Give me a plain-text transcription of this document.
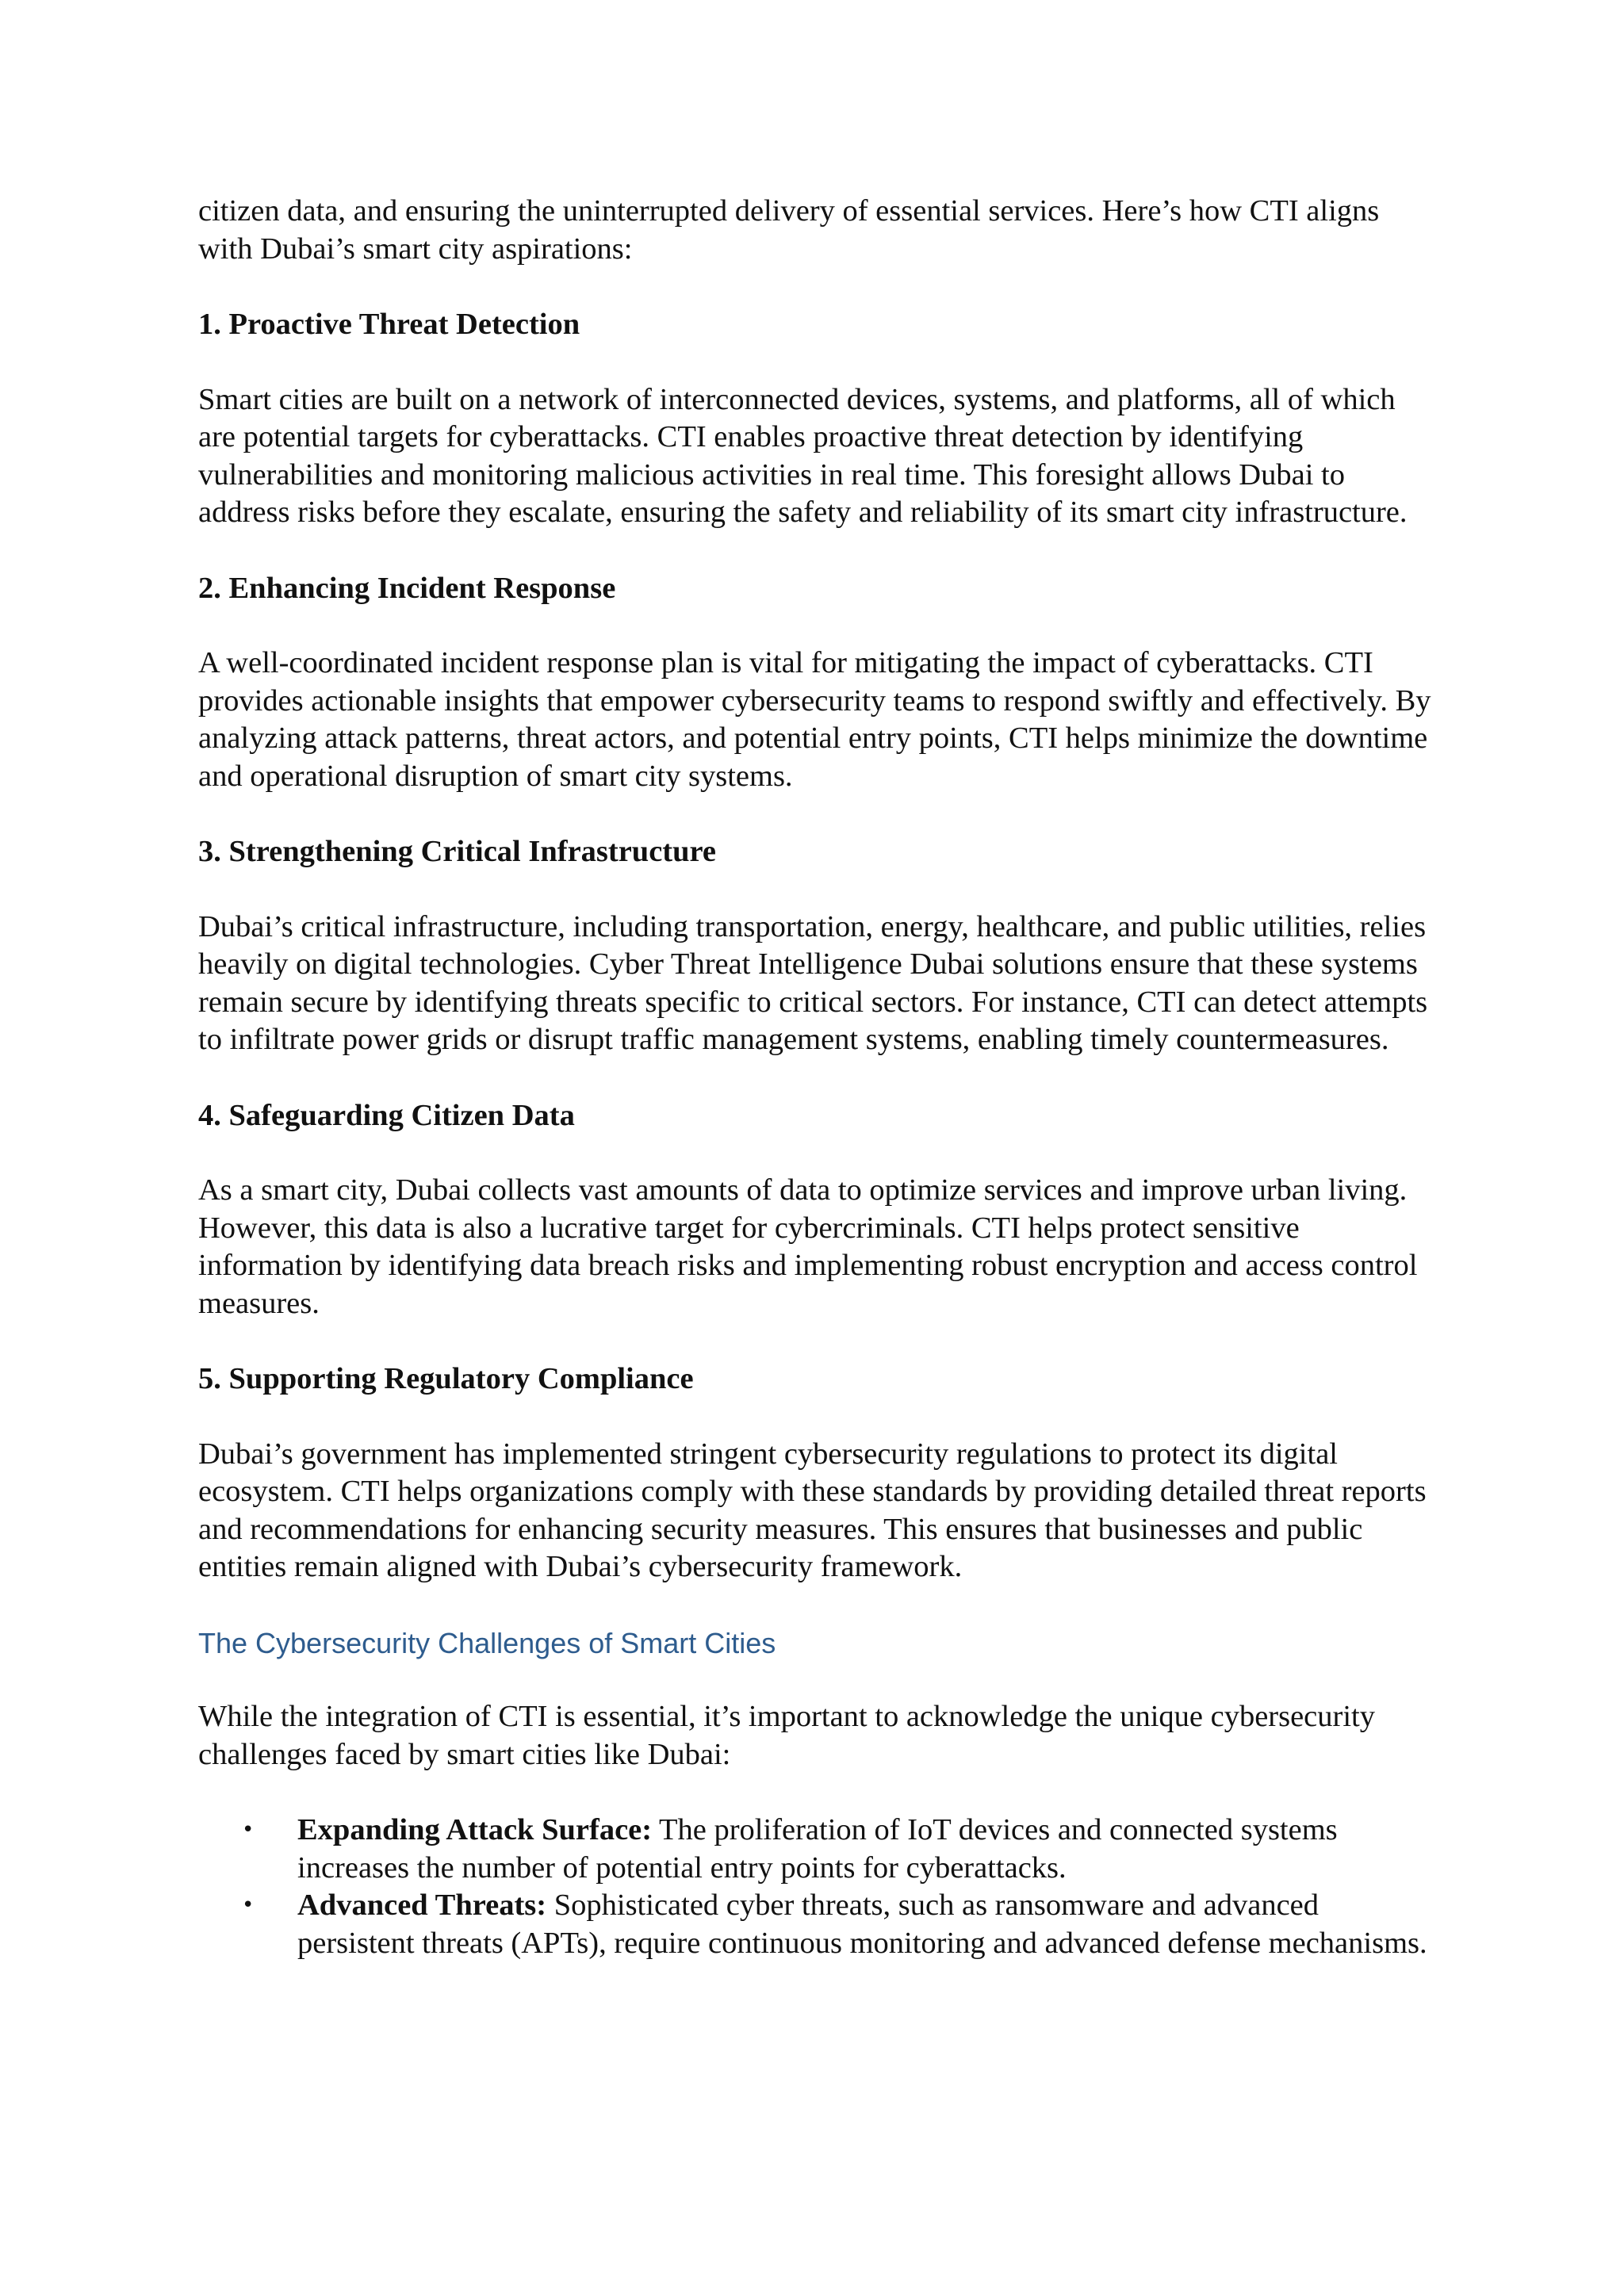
citizen data, and ensuring the uninterrupted delivery of essential services. Here’s how CTI aligns with Dubai’s smart city aspirations:

1. Proactive Threat Detection

Smart cities are built on a network of interconnected devices, systems, and platforms, all of which are potential targets for cyberattacks. CTI enables proactive threat detection by identifying vulnerabilities and monitoring malicious activities in real time. This foresight allows Dubai to address risks before they escalate, ensuring the safety and reliability of its smart city infrastructure.

2. Enhancing Incident Response

A well-coordinated incident response plan is vital for mitigating the impact of cyberattacks. CTI provides actionable insights that empower cybersecurity teams to respond swiftly and effectively. By analyzing attack patterns, threat actors, and potential entry points, CTI helps minimize the downtime and operational disruption of smart city systems.

3. Strengthening Critical Infrastructure

Dubai’s critical infrastructure, including transportation, energy, healthcare, and public utilities, relies heavily on digital technologies. Cyber Threat Intelligence Dubai solutions ensure that these systems remain secure by identifying threats specific to critical sectors. For instance, CTI can detect attempts to infiltrate power grids or disrupt traffic management systems, enabling timely countermeasures.

4. Safeguarding Citizen Data

As a smart city, Dubai collects vast amounts of data to optimize services and improve urban living. However, this data is also a lucrative target for cybercriminals. CTI helps protect sensitive information by identifying data breach risks and implementing robust encryption and access control measures.

5. Supporting Regulatory Compliance

Dubai’s government has implemented stringent cybersecurity regulations to protect its digital ecosystem. CTI helps organizations comply with these standards by providing detailed threat reports and recommendations for enhancing security measures. This ensures that businesses and public entities remain aligned with Dubai’s cybersecurity framework.

The Cybersecurity Challenges of Smart Cities

While the integration of CTI is essential, it’s important to acknowledge the unique cybersecurity challenges faced by smart cities like Dubai:

• Expanding Attack Surface: The proliferation of IoT devices and connected systems increases the number of potential entry points for cyberattacks.
• Advanced Threats: Sophisticated cyber threats, such as ransomware and advanced persistent threats (APTs), require continuous monitoring and advanced defense mechanisms.
